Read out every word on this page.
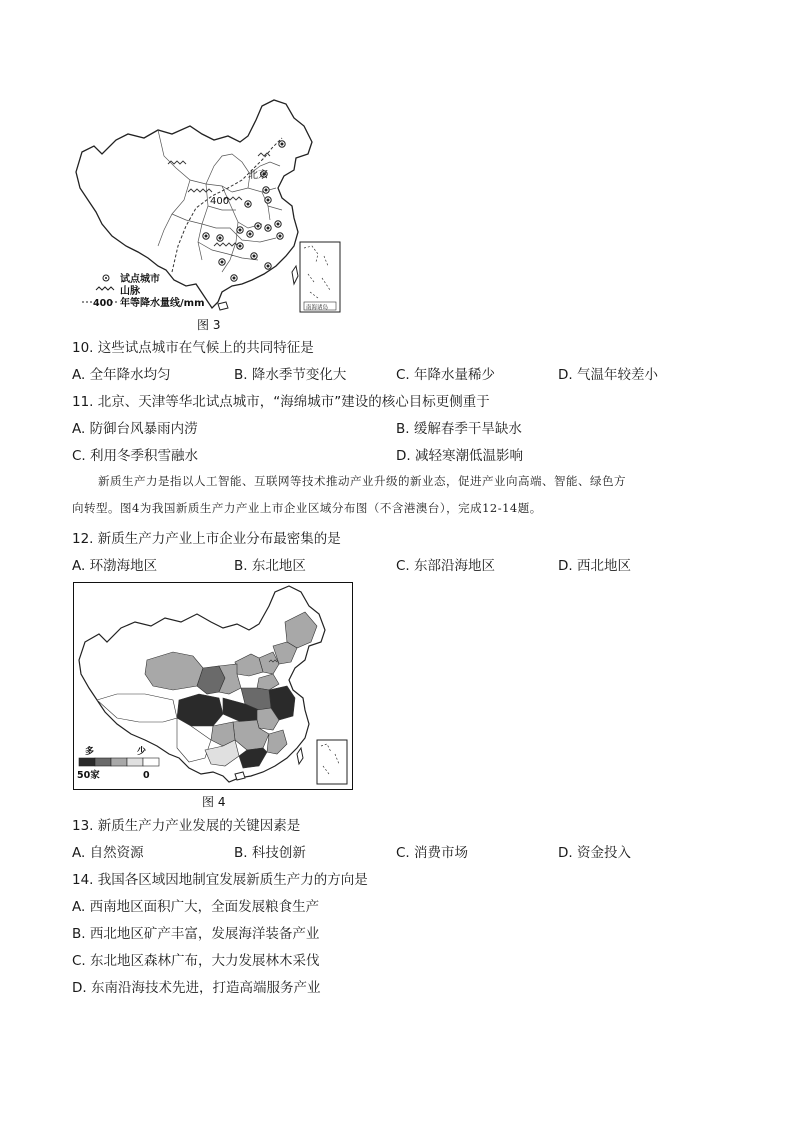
400
北京
南海诸岛
试点城市
山脉
400 年等降水量线/mm
图 3
10. 这些试点城市在气候上的共同特征是
A. 全年降水均匀	B. 降水季节变化大	C. 年降水量稀少	D. 气温年较差小
11. 北京、天津等华北试点城市，“海绵城市”建设的核心目标更侧重于
A. 防御台风暴雨内涝	B. 缓解春季干旱缺水
C. 利用冬季积雪融水	D. 减轻寒潮低温影响
新质生产力是指以人工智能、互联网等技术推动产业升级的新业态，促进产业向高端、智能、绿色方
向转型。图4为我国新质生产力产业上市企业区域分布图（不含港澳台），完成12-14题。
12. 新质生产力产业上市企业分布最密集的是
A. 环渤海地区	B. 东北地区	C. 东部沿海地区	D. 西北地区
多	少
50家	0
图 4
13. 新质生产力产业发展的关键因素是
A. 自然资源	B. 科技创新	C. 消费市场	D. 资金投入
14. 我国各区域因地制宜发展新质生产力的方向是
A. 西南地区面积广大，全面发展粮食生产
B. 西北地区矿产丰富，发展海洋装备产业
C. 东北地区森林广布，大力发展林木采伐
D. 东南沿海技术先进，打造高端服务产业
